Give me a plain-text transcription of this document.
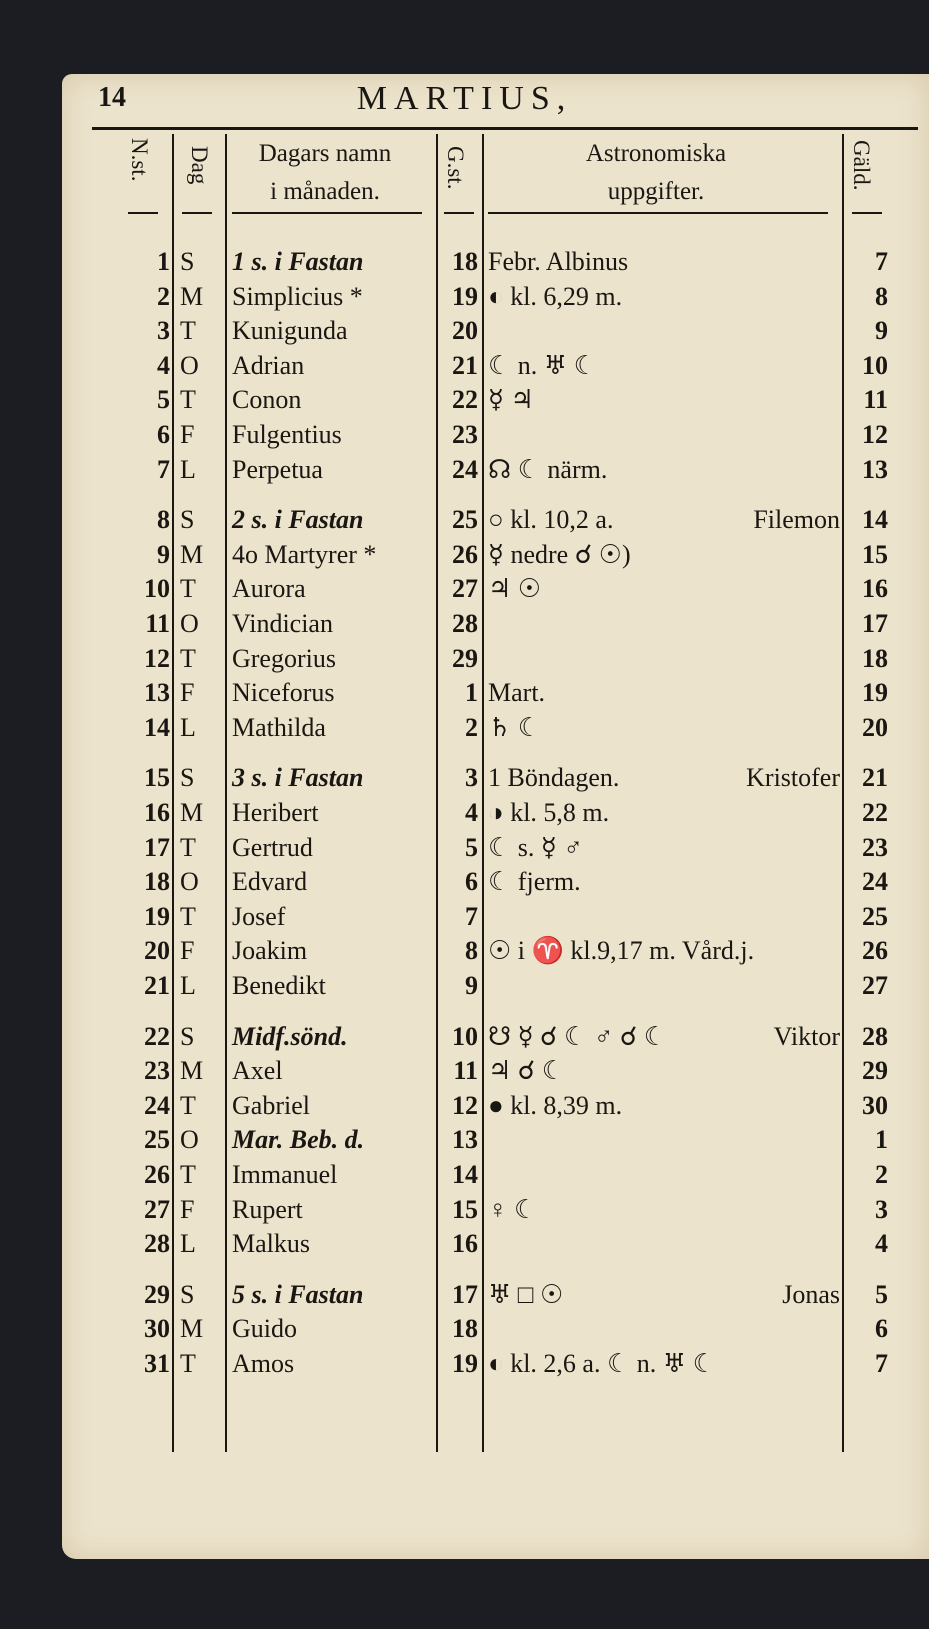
14	MARTIUS,
N.st. Dag	Dagars namn
i månaden.
G.st.	Astronomiska
uppgifter.
Gäld.
1 S	1 s. i Fastan	18 Febr. Albinus	7
2 M	Simplicius *	19 ◐ kl. 6,29 m.	8
3 T	Kunigunda	20	9
4 O	Adrian	21 ☾ n. ♅ ☾	10
5 T	Conon	22 ☿ ♃	11
6 F	Fulgentius	23	12
7 L	Perpetua	24 ☊ ☾ närm.	13
8 S	2 s. i Fastan	25 ○ kl. 10,2 a.	Filemon 14
9 M	4o Martyrer *	26 ☿ nedre ☌ ☉)	15
10 T	Aurora	27 ♃ ☉	16
11 O	Vindician	28	17
12 T	Gregorius	29	18
13 F	Niceforus	1 Mart.	19
14 L	Mathilda	2 ♄ ☾	20
15 S	3 s. i Fastan	3 1 Böndagen.	Kristofer 21
16 M	Heribert	4 ◑ kl. 5,8 m.	22
17 T	Gertrud	5 ☾ s. ☿ ♂	23
18 O	Edvard	6 ☾ fjerm.	24
19 T	Josef	7	25
20 F	Joakim	8 ☉ i ♈ kl.9,17 m. Vård.j.	26
21 L	Benedikt	9	27
22 S	Midf.sönd.	10 ☋ ☿ ☌ ☾ ♂ ☌ ☾	Viktor 28
23 M	Axel	11 ♃ ☌ ☾	29
24 T	Gabriel	12 ● kl. 8,39 m.	30
25 O	Mar. Beb. d.	13	1
26 T	Immanuel	14	2
27 F	Rupert	15 ♀ ☾	3
28 L	Malkus	16	4
29 S	5 s. i Fastan	17 ♅ □ ☉	Jonas	5
30 M	Guido	18	6
31 T	Amos	19 ◐ kl. 2,6 a. ☾ n. ♅ ☾	7
